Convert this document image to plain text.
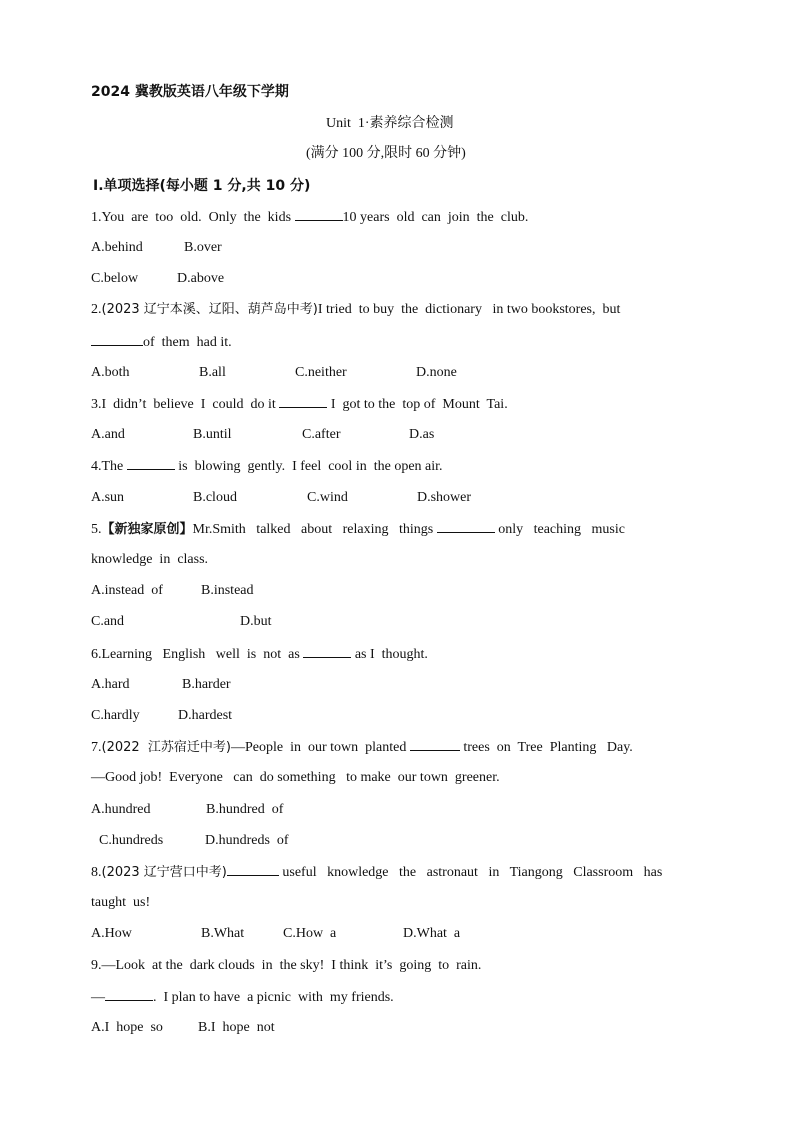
2024 冀教版英语八年级下学期
Unit  1·素养综合检测
(满分 100 分,限时 60 分钟)
Ⅰ.单项选择(每小题 1 分,共 10 分)
1.You  are  too  old.  Only  the  kids	10 years  old  can  join  the  club.
A.behind	B.over
C.below	D.above
2.(2023 辽宁本溪、辽阳、葫芦岛中考)I tried  to buy  the  dictionary   in two bookstores,  but
of  them  had it.
A.both	B.all	C.neither	D.none
3.I  didn’t  believe  I  could  do it	I  got to the  top of  Mount  Tai.
A.and	B.until	C.after	D.as
4.The	is  blowing  gently.  I feel  cool in  the open air.
A.sun	B.cloud	C.wind	D.shower
5.【新独家原创】Mr.Smith   talked   about   relaxing   things	only   teaching   music
knowledge  in  class.
A.instead  of	B.instead
C.and	D.but
6.Learning   English   well  is  not  as	as I  thought.
A.hard	B.harder
C.hardly	D.hardest
7.(2022  江苏宿迁中考)—People  in  our town  planted	trees  on  Tree  Planting   Day.
—Good job!  Everyone   can  do something   to make  our town  greener.
A.hundred	B.hundred  of
C.hundreds	D.hundreds  of
8.(2023 辽宁营口中考)	useful   knowledge   the   astronaut   in   Tiangong   Classroom   has
taught  us!
A.How	B.What	C.How  a	D.What  a
9.—Look  at the  dark clouds  in  the sky!  I think  it’s  going  to  rain.
—	.  I plan to have  a picnic  with  my friends.
A.I  hope  so	B.I  hope  not
